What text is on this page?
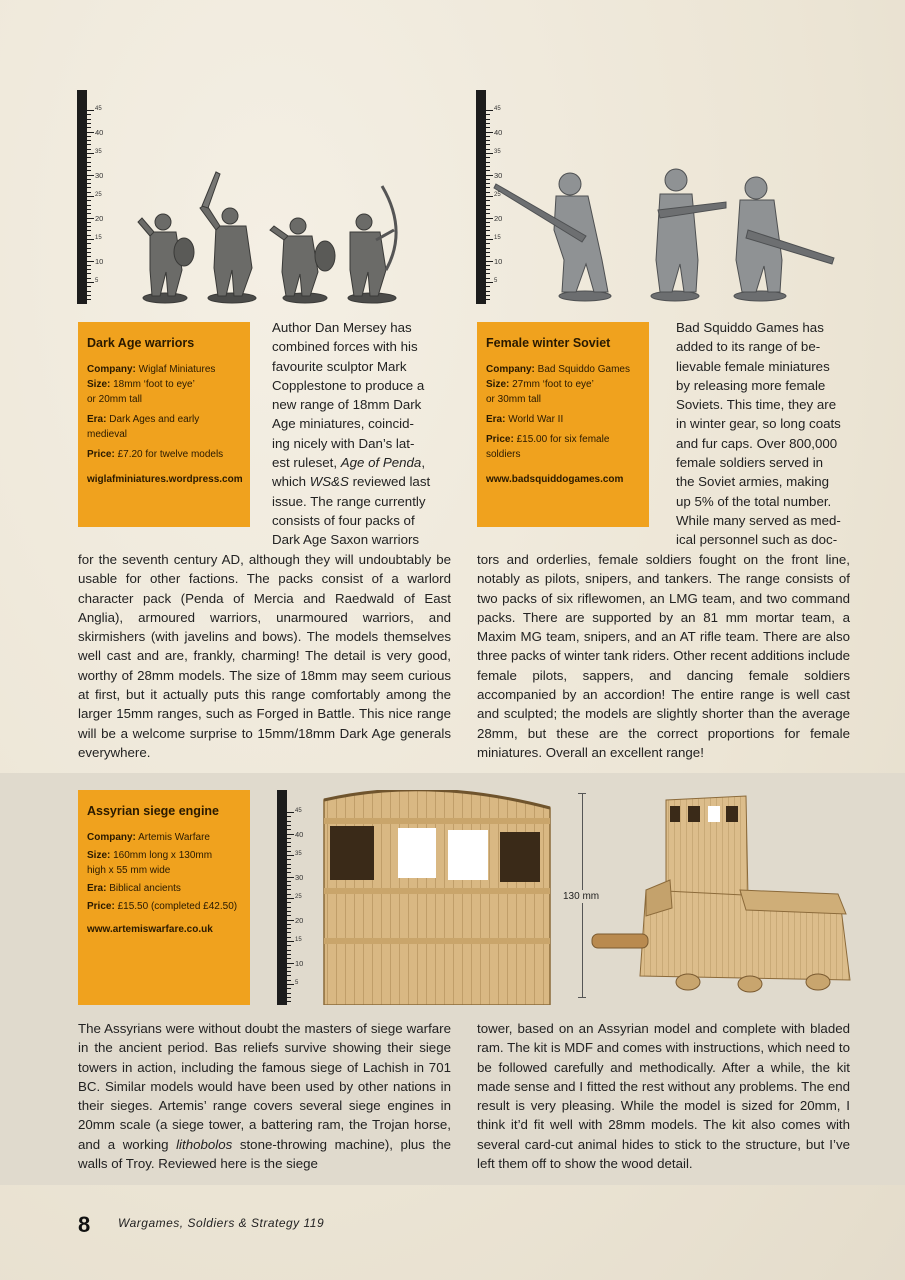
45
40
35
30
25
20
15
10
5
45
40
35
30
25
20
15
10
5
Dark Age warriors
Company: Wiglaf Miniatures
Size: 18mm ‘foot to eye’
or 20mm tall
Era: Dark Ages and early medieval
Price: £7.20 for twelve models
wiglafminiatures.wordpress.com
Female winter Soviet
Company: Bad Squiddo Games
Size: 27mm ‘foot to eye’
or 30mm tall
Era: World War II
Price: £15.00 for six female soldiers
www.badsquiddogames.com

Author Dan Mersey has

combined forces with his

favourite sculptor Mark

Copplestone to produce a

new range of 18mm Dark

Age miniatures, coincid-

ing nicely with Dan’s lat-

est ruleset, Age of Penda,

which WS&S reviewed last

issue. The range currently

consists of four packs of

Dark Age Saxon warriors

for the seventh century AD, although they will undoubtably be usable for other factions. The packs consist of a warlord character pack (Penda of Mercia and Raedwald of East Anglia), armoured warriors, unarmoured warriors, and skirmishers (with javelins and bows). The models themselves well cast and are, frankly, charming! The detail is very good, worthy of 28mm models. The size of 18mm may seem curious at first, but it actually puts this range comfortably among the larger 15mm ranges, such as Forged in Battle. This nice range will be a welcome surprise to 15mm/18mm Dark Age generals everywhere.

Bad Squiddo Games has

added to its range of be-

lievable female miniatures

by releasing more female

Soviets. This time, they are

in winter gear, so long coats

and fur caps. Over 800,000

female soldiers served in

the Soviet armies, making

up 5% of the total number.

While many served as med-

ical personnel such as doc-

tors and orderlies, female soldiers fought on the front line, notably as pilots, snipers, and tankers. The range consists of two packs of six riflewomen, an LMG team, and two command packs. There are supported by an 81 mm mortar team, a Maxim MG team, snipers, and an AT rifle team. There are also three packs of winter tank riders. Other recent additions include female pilots, sappers, and dancing female soldiers accompanied by an accordion! The entire range is well cast and sculpted; the models are slightly shorter than the average 28mm, but these are the correct proportions for female miniatures. Overall an excellent range!

Assyrian siege engine
Company: Artemis Warfare
Size: 160mm long x 130mm
high x 55 mm wide
Era: Biblical ancients
Price: £15.50 (completed £42.50)
www.artemiswarfare.co.uk
45
40
35
30
25
20
15
10
5
130 mm

The Assyrians were without doubt the masters of siege warfare in the ancient period. Bas reliefs survive showing their siege towers in action, including the famous siege of Lachish in 701 BC. Similar models would have been used by other nations in their sieges. Artemis’ range covers several siege engines in 20mm scale (a siege tower, a battering ram, the Trojan horse, and a working lithobolos stone-throwing machine), plus the walls of Troy. Reviewed here is the siege

tower, based on an Assyrian model and complete with bladed ram. The kit is MDF and comes with instructions, which need to be followed carefully and methodically. After a while, the kit made sense and I fitted the rest without any problems. The end result is very pleasing. While the model is sized for 20mm, I think it’d fit well with 28mm models. The kit also comes with several card-cut animal hides to stick to the structure, but I’ve left them off to show the wood detail.

8 Wargames, Soldiers & Strategy 119
